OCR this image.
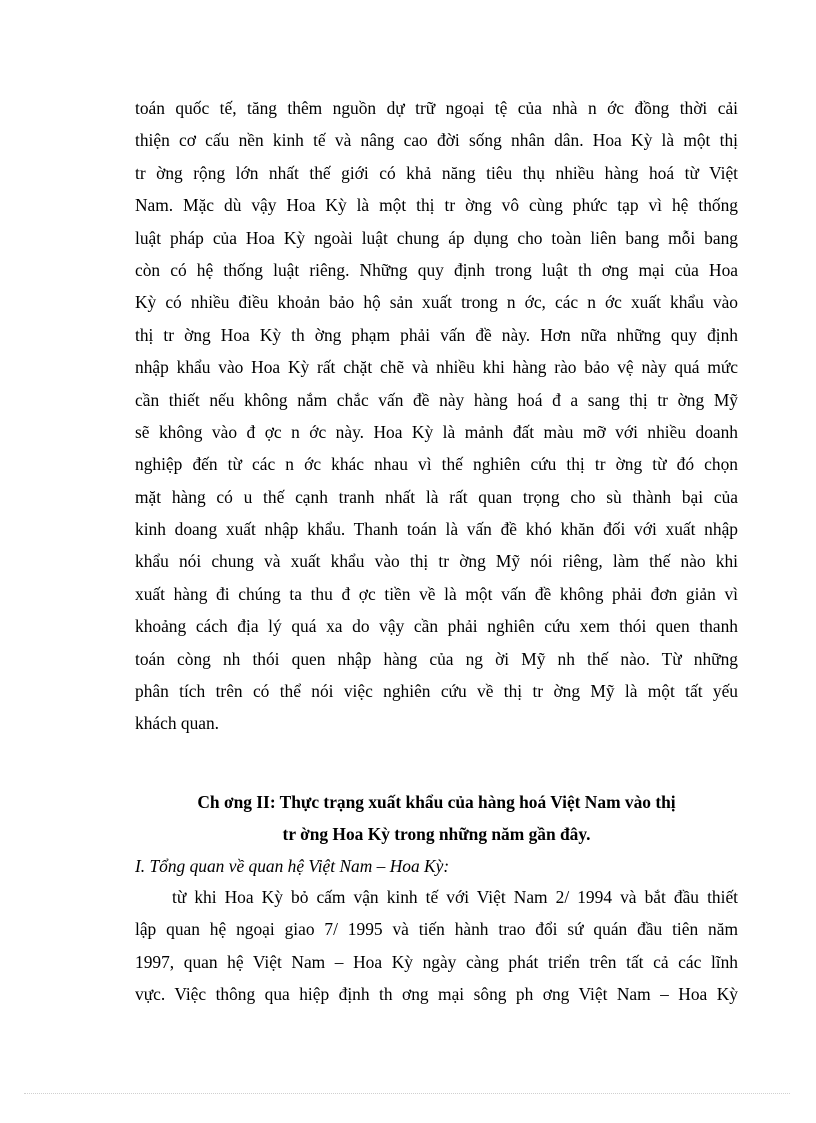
toán quốc tế, tăng thêm nguồn dự trữ ngoại tệ của nhà n ớc đồng thời cải
thiện cơ cấu nền kinh tế và nâng cao đời sống nhân dân. Hoa Kỳ là một thị
tr ờng rộng lớn nhất thế giới có khả năng tiêu thụ nhiều hàng hoá từ Việt
Nam. Mặc dù vậy Hoa Kỳ là một thị tr ờng vô cùng phức tạp vì hệ thống
luật pháp của Hoa Kỳ ngoài luật chung áp dụng cho toàn liên bang mỗi bang
còn có hệ thống luật riêng. Những quy định trong luật th ơng mại của Hoa
Kỳ có nhiều điều khoản bảo hộ sản xuất trong n ớc, các n ớc xuất khẩu vào
thị tr ờng Hoa Kỳ th ờng phạm phải vấn đề này. Hơn nữa những quy định
nhập khẩu vào Hoa Kỳ rất chặt chẽ và nhiều khi hàng rào bảo vệ này quá mức
cần thiết nếu không nắm chắc vấn đề này hàng hoá đ a sang thị tr ờng Mỹ
sẽ không vào đ ợc n ớc này. Hoa Kỳ là mảnh đất màu mỡ với nhiều doanh
nghiệp đến từ các n ớc khác nhau vì thế nghiên cứu thị tr ờng từ đó chọn
mặt hàng có u thế cạnh tranh nhất là rất quan trọng cho sù thành bại của
kinh doang xuất nhập khẩu. Thanh toán là vấn đề khó khăn đối với xuất nhập
khẩu nói chung và xuất khẩu vào thị tr ờng Mỹ nói riêng, làm thế nào khi
xuất hàng đi chúng ta thu đ ợc tiền về là một vấn đề không phải đơn giản vì
khoảng cách địa lý quá xa do vậy cần phải nghiên cứu xem thói quen thanh
toán còng nh thói quen nhập hàng của ng ời Mỹ nh thế nào. Từ những
phân tích trên có thể nói việc nghiên cứu về thị tr ờng Mỹ là một tất yếu
khách quan.
Ch ơng II: Thực trạng xuất khẩu của hàng hoá Việt Nam vào thị
tr ờng Hoa Kỳ trong những năm gần đây.
I. Tổng quan về quan hệ Việt Nam – Hoa Kỳ:
từ khi Hoa Kỳ bỏ cấm vận kinh tế với Việt Nam 2/ 1994 và bắt đầu thiết
lập quan hệ ngoại giao 7/ 1995 và tiến hành trao đổi sứ quán đầu tiên năm
1997, quan hệ Việt Nam – Hoa Kỳ ngày càng phát triển trên tất cả các lĩnh
vực. Việc thông qua hiệp định th ơng mại sông ph ơng Việt Nam – Hoa Kỳ
